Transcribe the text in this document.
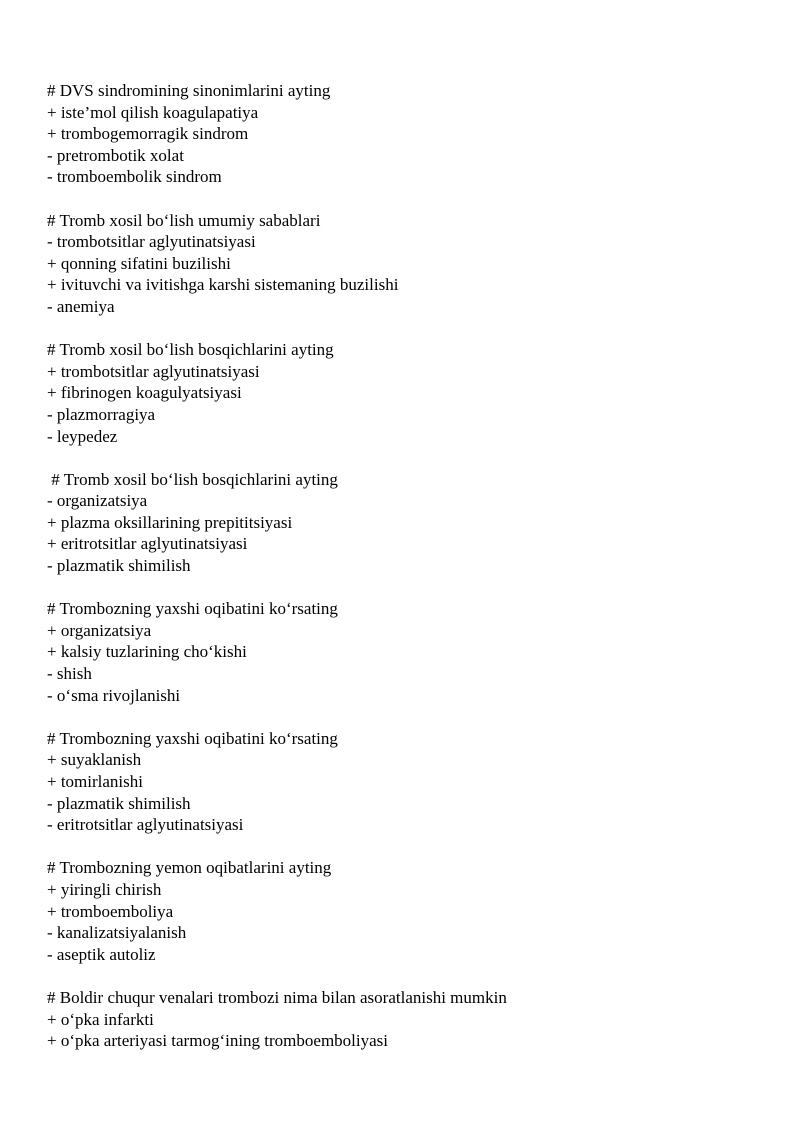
# DVS sindromining sinonimlarini ayting
+ iste’mol qilish koagulapatiya
+ trombogemorragik sindrom
- pretrombotik xolat
- tromboembolik sindrom
# Tromb xosil bo‘lish umumiy sabablari
- trombotsitlar aglyutinatsiyasi
+ qonning sifatini buzilishi
+ ivituvchi va ivitishga karshi sistemaning buzilishi
- anemiya
# Tromb xosil bo‘lish bosqichlarini ayting
+ trombotsitlar aglyutinatsiyasi
+ fibrinogen koagulyatsiyasi
- plazmorragiya
- leypedez
# Tromb xosil bo‘lish bosqichlarini ayting
- organizatsiya
+ plazma oksillarining prepititsiyasi
+ eritrotsitlar aglyutinatsiyasi
- plazmatik shimilish
# Trombozning yaxshi oqibatini ko‘rsating
+ organizatsiya
+ kalsiy tuzlarining cho‘kishi
- shish
- o‘sma rivojlanishi
# Trombozning yaxshi oqibatini ko‘rsating
+ suyaklanish
+ tomirlanishi
- plazmatik shimilish
- eritrotsitlar aglyutinatsiyasi
# Trombozning yemon oqibatlarini ayting
+ yiringli chirish
+ tromboemboliya
- kanalizatsiyalanish
- aseptik autoliz
# Boldir chuqur venalari trombozi nima bilan asoratlanishi mumkin
+ o‘pka infarkti
+ o‘pka arteriyasi tarmog‘ining tromboemboliyasi
